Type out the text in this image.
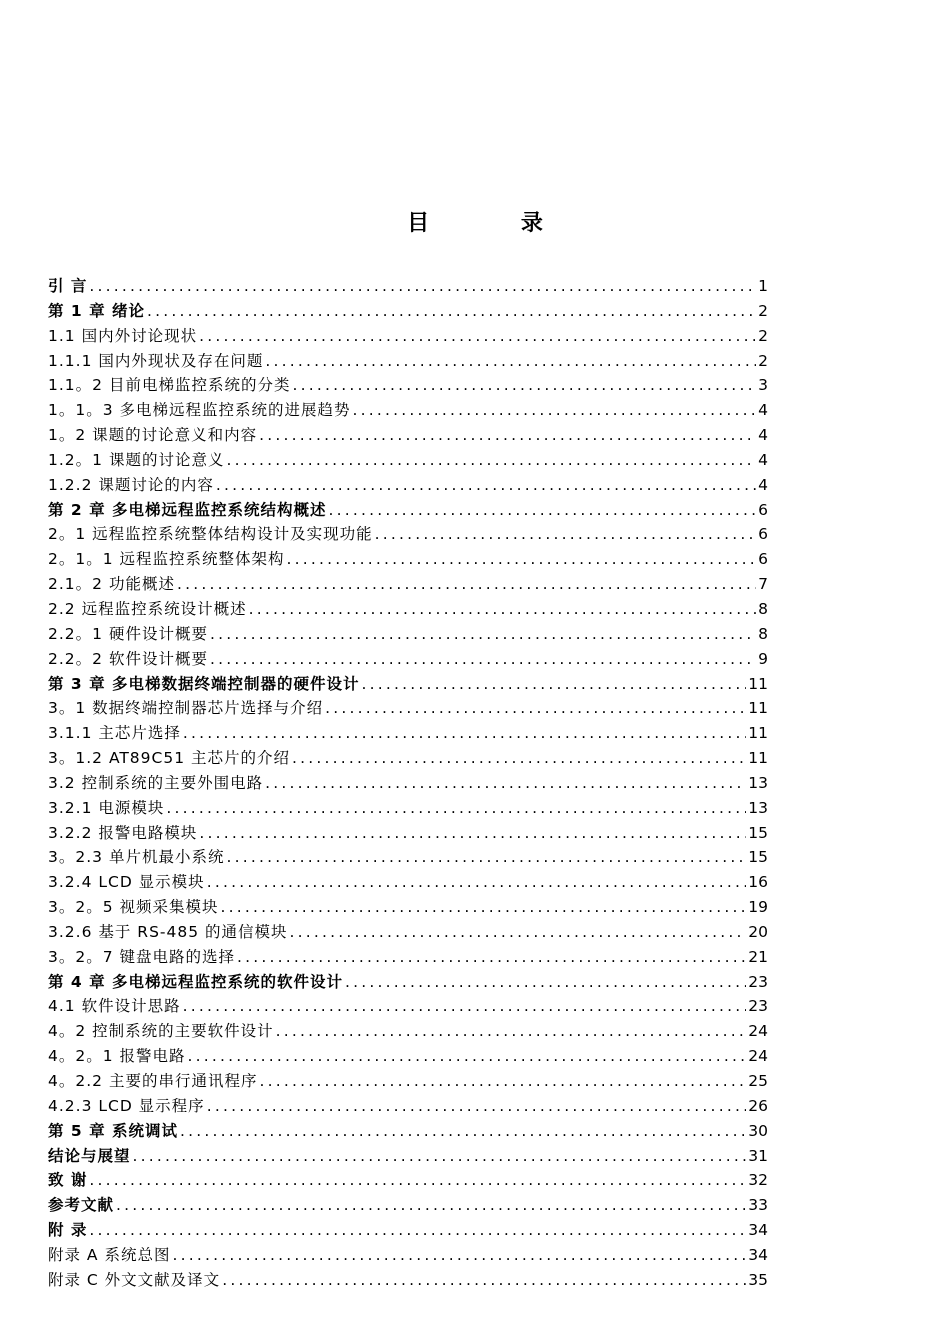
目 录
引 言 .....	1
第 1 章 绪论 .....	2
1.1 国内外讨论现状 .....	2
1.1.1 国内外现状及存在问题 .....	2
1.1。2 目前电梯监控系统的分类 .....	3
1。1。3 多电梯远程监控系统的进展趋势 .....	4
1。2 课题的讨论意义和内容 .....	4
1.2。1 课题的讨论意义 .....	4
1.2.2 课题讨论的内容 .....	4
第 2 章 多电梯远程监控系统结构概述 .....	6
2。1 远程监控系统整体结构设计及实现功能 .....	6
2。1。1 远程监控系统整体架构 .....	6
2.1。2 功能概述 .....	7
2.2 远程监控系统设计概述 .....	8
2.2。1 硬件设计概要 .....	8
2.2。2 软件设计概要 .....	9
第 3 章 多电梯数据终端控制器的硬件设计 .....	11
3。1 数据终端控制器芯片选择与介绍 .....	11
3.1.1 主芯片选择 .....	11
3。1.2 AT89C51 主芯片的介绍 .....	11
3.2 控制系统的主要外围电路 .....	13
3.2.1 电源模块 .....	13
3.2.2 报警电路模块 .....	15
3。2.3 单片机最小系统 .....	15
3.2.4 LCD 显示模块 .....	16
3。2。5 视频采集模块 .....	19
3.2.6 基于 RS-485 的通信模块 .....	20
3。2。7 键盘电路的选择 .....	21
第 4 章 多电梯远程监控系统的软件设计 .....	23
4.1 软件设计思路 .....	23
4。2 控制系统的主要软件设计 .....	24
4。2。1 报警电路 .....	24
4。2.2 主要的串行通讯程序 .....	25
4.2.3 LCD 显示程序 .....	26
第 5 章 系统调试 .....	30
结论与展望 .....	31
致 谢 .....	32
参考文献 .....	33
附 录 .....	34
附录 A 系统总图 .....	34
附录 C 外文文献及译文 .....	35
